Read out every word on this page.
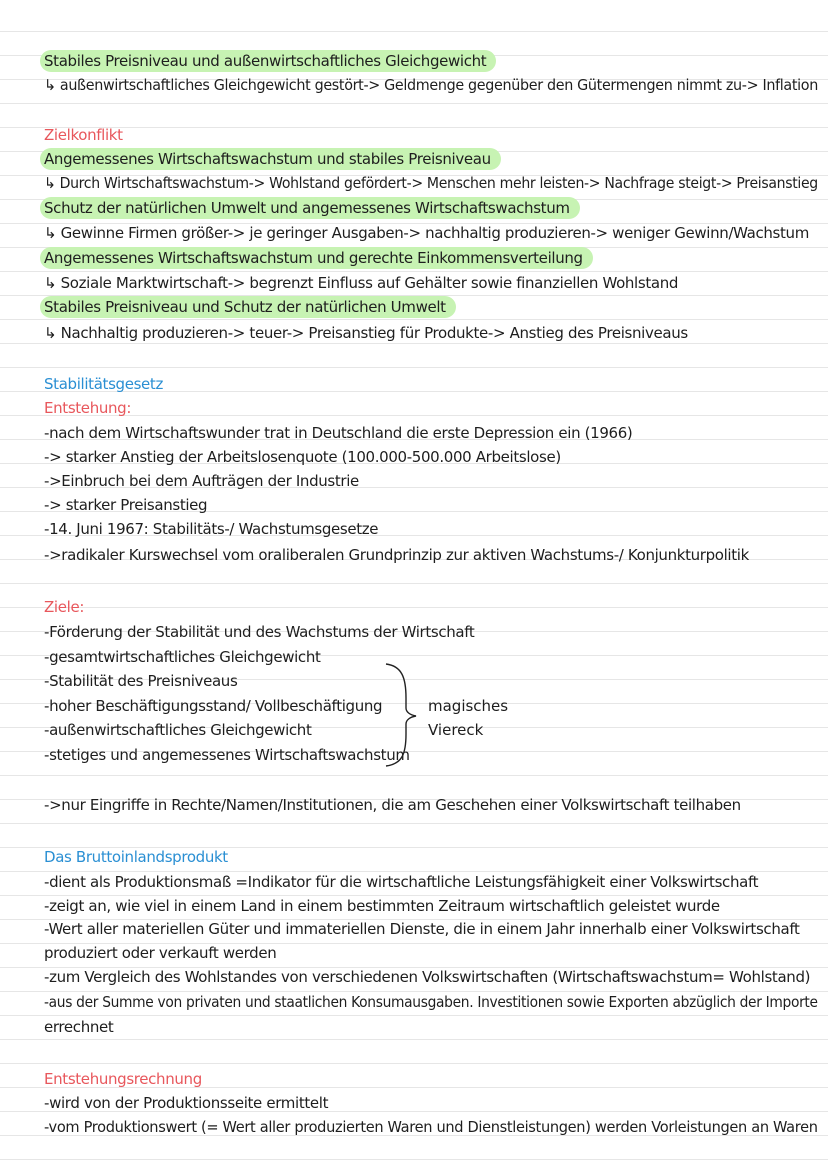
Stabiles Preisniveau und außenwirtschaftliches Gleichgewicht
↳ außenwirtschaftliches Gleichgewicht gestört-> Geldmenge gegenüber den Gütermengen nimmt zu-> Inflation
Zielkonflikt
Angemessenes Wirtschaftswachstum und stabiles Preisniveau
↳ Durch Wirtschaftswachstum-> Wohlstand gefördert-> Menschen mehr leisten-> Nachfrage steigt-> Preisanstieg
Schutz der natürlichen Umwelt und angemessenes Wirtschaftswachstum
↳ Gewinne Firmen größer-> je geringer Ausgaben-> nachhaltig produzieren-> weniger Gewinn/Wachstum
Angemessenes Wirtschaftswachstum und gerechte Einkommensverteilung
↳ Soziale Marktwirtschaft-> begrenzt Einfluss auf Gehälter sowie finanziellen Wohlstand
Stabiles Preisniveau und Schutz der natürlichen Umwelt
↳ Nachhaltig produzieren-> teuer-> Preisanstieg für Produkte-> Anstieg des Preisniveaus
Stabilitätsgesetz
Entstehung:
-nach dem Wirtschaftswunder trat in Deutschland die erste Depression ein (1966)
-> starker Anstieg der Arbeitslosenquote (100.000-500.000 Arbeitslose)
->Einbruch bei dem Aufträgen der Industrie
-> starker Preisanstieg
-14. Juni 1967: Stabilitäts-/ Wachstumsgesetze
->radikaler Kurswechsel vom oraliberalen Grundprinzip zur aktiven Wachstums-/ Konjunkturpolitik
Ziele:
-Förderung der Stabilität und des Wachstums der Wirtschaft
-gesamtwirtschaftliches Gleichgewicht
-Stabilität des Preisniveaus
-hoher Beschäftigungsstand/ Vollbeschäftigung
-außenwirtschaftliches Gleichgewicht
-stetiges und angemessenes Wirtschaftswachstum
magisches
Viereck
->nur Eingriffe in Rechte/Namen/Institutionen, die am Geschehen einer Volkswirtschaft teilhaben
Das Bruttoinlandsprodukt
-dient als Produktionsmaß =Indikator für die wirtschaftliche Leistungsfähigkeit einer Volkswirtschaft
-zeigt an, wie viel in einem Land in einem bestimmten Zeitraum wirtschaftlich geleistet wurde
-Wert aller materiellen Güter und immateriellen Dienste, die in einem Jahr innerhalb einer Volkswirtschaft
produziert oder verkauft werden
-zum Vergleich des Wohlstandes von verschiedenen Volkswirtschaften (Wirtschaftswachstum= Wohlstand)
-aus der Summe von privaten und staatlichen Konsumausgaben. Investitionen sowie Exporten abzüglich der Importe
errechnet
Entstehungsrechnung
-wird von der Produktionsseite ermittelt
-vom Produktionswert (= Wert aller produzierten Waren und Dienstleistungen) werden Vorleistungen an Waren
